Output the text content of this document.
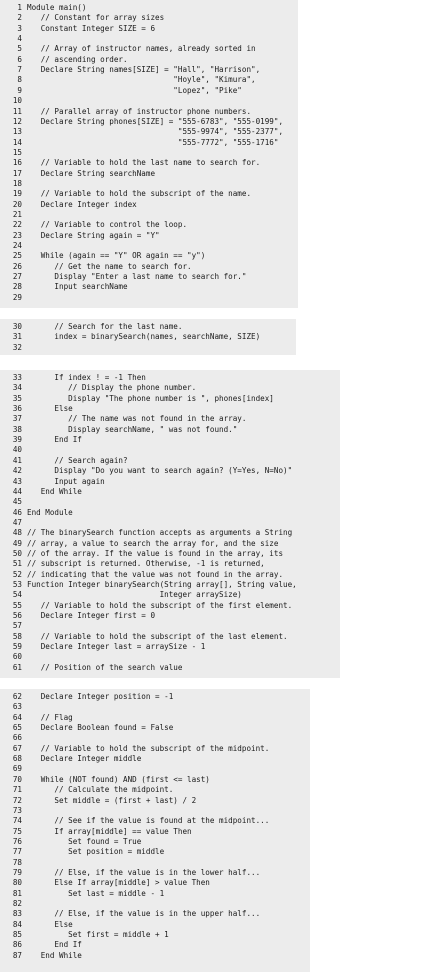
1 Module main()
2 // Constant for array sizes
3 Constant Integer SIZE = 6
4
5 // Array of instructor names, already sorted in
6 // ascending order.
7 Declare String names[SIZE] = "Hall", "Harrison",
8 "Hoyle", "Kimura",
9 "Lopez", "Pike"
10
11 // Parallel array of instructor phone numbers.
12 Declare String phones[SIZE] = "555-6783", "555-0199",
13 "555-9974", "555-2377",
14 "555-7772", "555-1716"
15
16 // Variable to hold the last name to search for.
17 Declare String searchName
18
19 // Variable to hold the subscript of the name.
20 Declare Integer index
21
22 // Variable to control the loop.
23 Declare String again = "Y"
24
25 While (again == "Y" OR again == "y")
26 // Get the name to search for.
27 Display "Enter a last name to search for."
28 Input searchName
29
30 // Search for the last name.
31 index = binarySearch(names, searchName, SIZE)
32
33 If index ! = -1 Then
34 // Display the phone number.
35 Display "The phone number is ", phones[index]
36 Else
37 // The name was not found in the array.
38 Display searchName, " was not found."
39 End If
40
41 // Search again?
42 Display "Do you want to search again? (Y=Yes, N=No)"
43 Input again
44 End While
45
46 End Module
47
48 // The binarySearch function accepts as arguments a String
49 // array, a value to search the array for, and the size
50 // of the array. If the value is found in the array, its
51 // subscript is returned. Otherwise, -1 is returned,
52 // indicating that the value was not found in the array.
53 Function Integer binarySearch(String array[], String value,
54 Integer arraySize)
55 // Variable to hold the subscript of the first element.
56 Declare Integer first = 0
57
58 // Variable to hold the subscript of the last element.
59 Declare Integer last = arraySize - 1
60
61 // Position of the search value
62 Declare Integer position = -1
63
64 // Flag
65 Declare Boolean found = False
66
67 // Variable to hold the subscript of the midpoint.
68 Declare Integer middle
69
70 While (NOT found) AND (first <= last)
71 // Calculate the midpoint.
72 Set middle = (first + last) / 2
73
74 // See if the value is found at the midpoint...
75 If array[middle] == value Then
76 Set found = True
77 Set position = middle
78
79 // Else, if the value is in the lower half...
80 Else If array[middle] > value Then
81 Set last = middle - 1
82
83 // Else, if the value is in the upper half...
84 Else
85 Set first = middle + 1
86 End If
87 End While
